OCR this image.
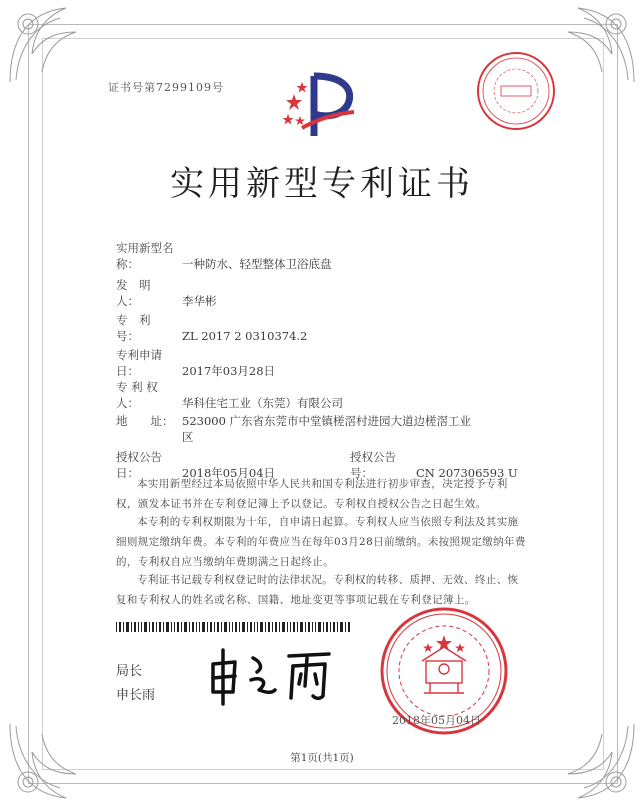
证书号第7299109号
实用新型专利证书
实用新型名称：	一种防水、轻型整体卫浴底盘
发　明　人：	李华彬
专　利　号：	ZL 2017 2 0310374.2
专利申请日：	2017年03月28日
专 利 权 人：	华科住宅工业（东莞）有限公司
地　　址： 523000 广东省东莞市中堂镇槎滘村进园大道边槎滘工业
区
授权公告日：	2018年05月04日
授权公告号：	CN 207306593 U
本实用新型经过本局依照中华人民共和国专利法进行初步审查，决定授予专利权，颁发本证书并在专利登记簿上予以登记。专利权自授权公告之日起生效。
本专利的专利权期限为十年，自申请日起算。专利权人应当依照专利法及其实施细则规定缴纳年费。本专利的年费应当在每年03月28日前缴纳。未按照规定缴纳年费的，专利权自应当缴纳年费期满之日起终止。
专利证书记载专利权登记时的法律状况。专利权的转移、质押、无效、终止、恢复和专利权人的姓名或名称、国籍、地址变更等事项记载在专利登记簿上。
局长
申长雨
2018年05月04日
第1页(共1页)
